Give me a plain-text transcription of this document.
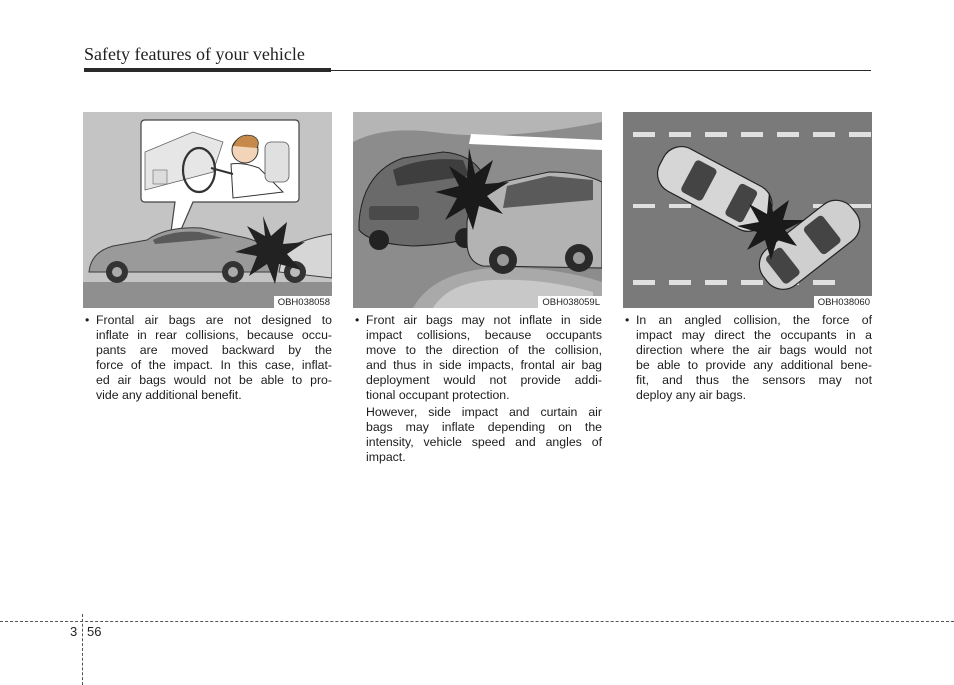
Safety features of your vehicle
OBH038058	OBH038059L	OBH038060
• Frontal air bags are not designed to
inflate in rear collisions, because occu-
pants are moved backward by the
force of the impact. In this case, inflat-
ed air bags would not be able to pro-
vide any additional benefit.
• Front air bags may not inflate in side
impact collisions, because occupants
move to the direction of the collision,
and thus in side impacts, frontal air bag
deployment would not provide addi-
tional occupant protection.
However, side impact and curtain air
bags may inflate depending on the
intensity, vehicle speed and angles of
impact.
• In an angled collision, the force of
impact may direct the occupants in a
direction where the air bags would not
be able to provide any additional bene-
fit, and thus the sensors may not
deploy any air bags.
3 56
